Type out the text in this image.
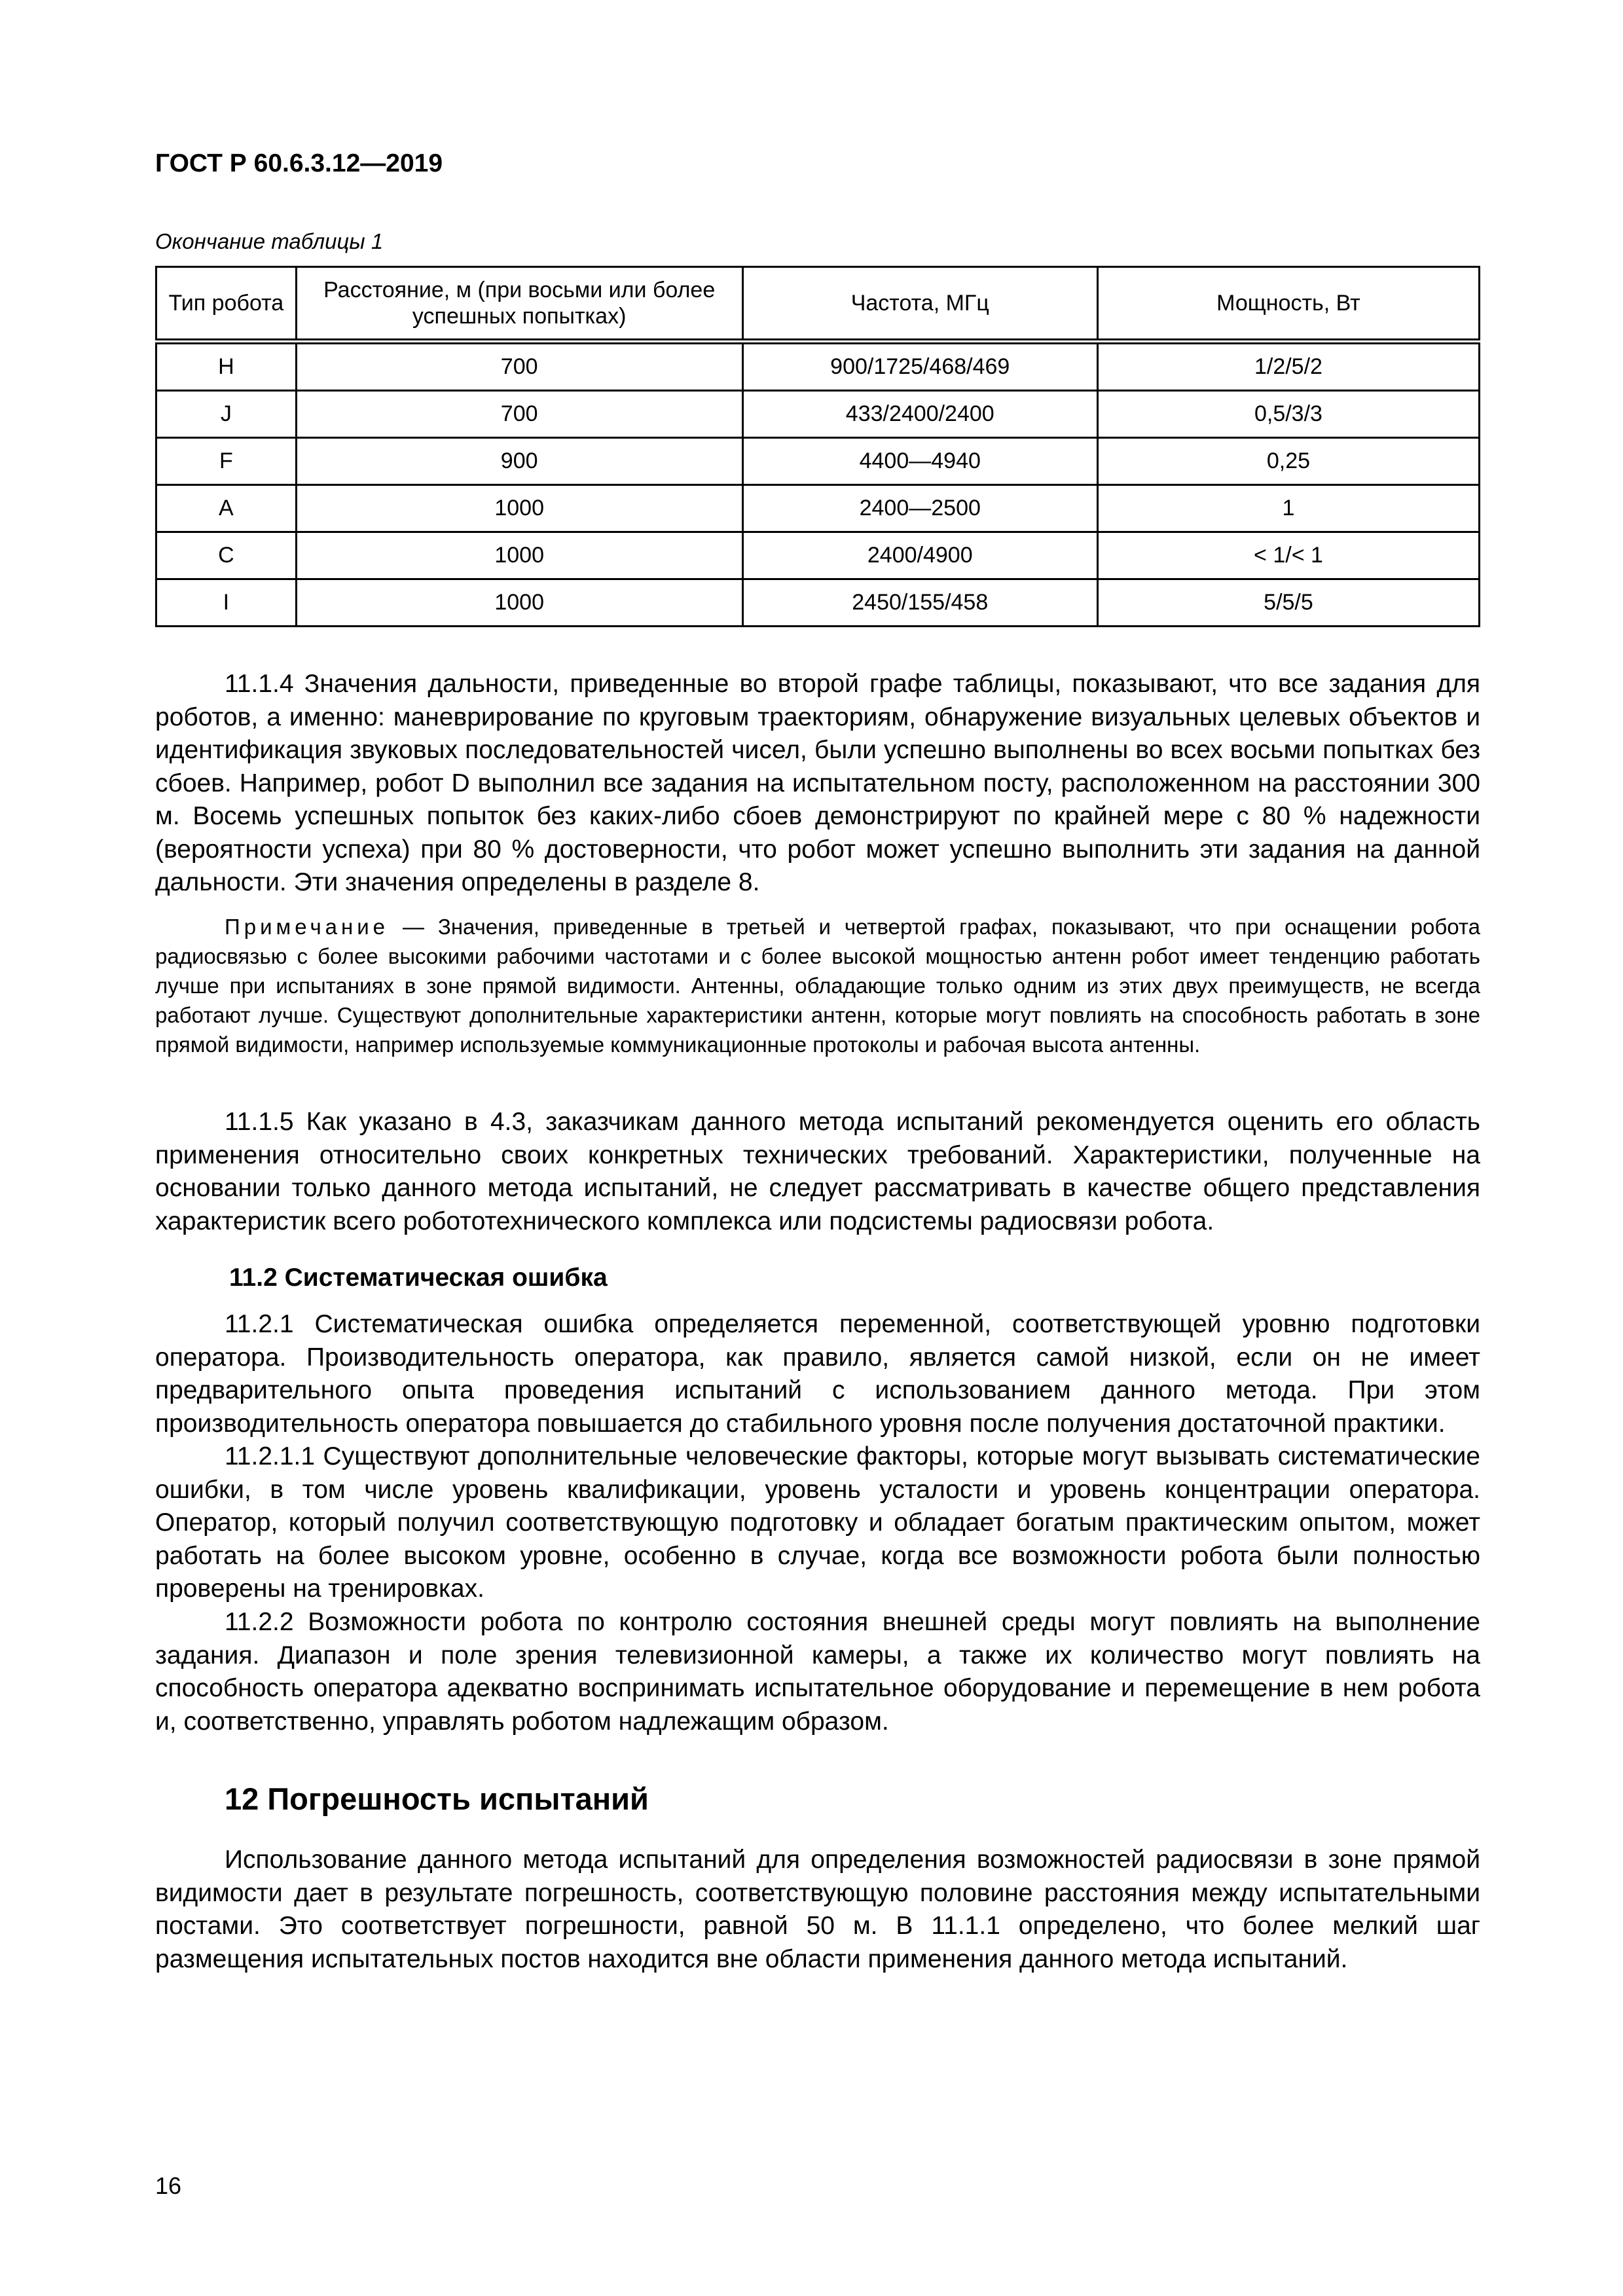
ГОСТ Р 60.6.3.12—2019
Окончание таблицы 1
Тип робота	Расстояние, м (при восьми или более успешных попытках)	Частота, МГц	Мощность, Вт
H	700	900/1725/468/469	1/2/5/2
J	700	433/2400/2400	0,5/3/3
F	900	4400—4940	0,25
A	1000	2400—2500	1
C	1000	2400/4900	< 1/< 1
I	1000	2450/155/458	5/5/5
11.1.4 Значения дальности, приведенные во второй графе таблицы, показывают, что все задания для роботов, а именно: маневрирование по круговым траекториям, обнаружение визуальных целевых объектов и идентификация звуковых последовательностей чисел, были успешно выполнены во всех восьми попытках без сбоев. Например, робот D выполнил все задания на испытательном посту, расположенном на расстоянии 300 м. Восемь успешных попыток без каких-либо сбоев демонстрируют по крайней мере с 80 % надежности (вероятности успеха) при 80 % достоверности, что робот может успешно выполнить эти задания на данной дальности. Эти значения определены в разделе 8.
Примечание — Значения, приведенные в третьей и четвертой графах, показывают, что при оснащении робота радиосвязью с более высокими рабочими частотами и с более высокой мощностью антенн робот имеет тенденцию работать лучше при испытаниях в зоне прямой видимости. Антенны, обладающие только одним из этих двух преимуществ, не всегда работают лучше. Существуют дополнительные характеристики антенн, которые могут повлиять на способность работать в зоне прямой видимости, например используемые коммуникационные протоколы и рабочая высота антенны.
11.1.5 Как указано в 4.3, заказчикам данного метода испытаний рекомендуется оценить его область применения относительно своих конкретных технических требований. Характеристики, полученные на основании только данного метода испытаний, не следует рассматривать в качестве общего представления характеристик всего робототехнического комплекса или подсистемы радиосвязи робота.
11.2 Систематическая ошибка
11.2.1 Систематическая ошибка определяется переменной, соответствующей уровню подготовки оператора. Производительность оператора, как правило, является самой низкой, если он не имеет предварительного опыта проведения испытаний с использованием данного метода. При этом производительность оператора повышается до стабильного уровня после получения достаточной практики.
11.2.1.1 Существуют дополнительные человеческие факторы, которые могут вызывать систематические ошибки, в том числе уровень квалификации, уровень усталости и уровень концентрации оператора. Оператор, который получил соответствующую подготовку и обладает богатым практическим опытом, может работать на более высоком уровне, особенно в случае, когда все возможности робота были полностью проверены на тренировках.
11.2.2 Возможности робота по контролю состояния внешней среды могут повлиять на выполнение задания. Диапазон и поле зрения телевизионной камеры, а также их количество могут повлиять на способность оператора адекватно воспринимать испытательное оборудование и перемещение в нем робота и, соответственно, управлять роботом надлежащим образом.
12 Погрешность испытаний
Использование данного метода испытаний для определения возможностей радиосвязи в зоне прямой видимости дает в результате погрешность, соответствующую половине расстояния между испытательными постами. Это соответствует погрешности, равной 50 м. В 11.1.1 определено, что более мелкий шаг размещения испытательных постов находится вне области применения данного метода испытаний.
16
